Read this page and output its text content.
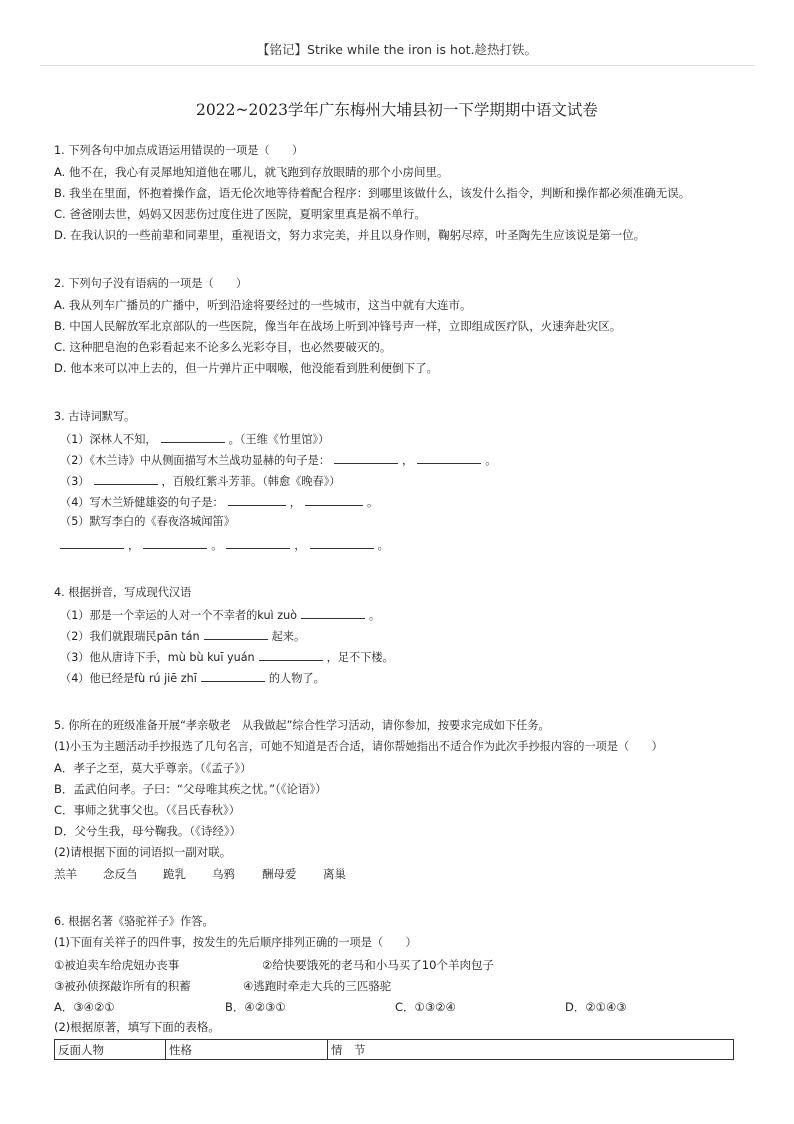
【铭记】Strike while the iron is hot.趁热打铁。
2022~2023学年广东梅州大埔县初一下学期期中语文试卷
1. 下列各句中加点成语运用错误的一项是（　　）
A. 他不在，我心有灵犀地知道他在哪儿，就飞跑到存放眼睛的那个小房间里。
B. 我坐在里面，怀抱着操作盒，语无伦次地等待着配合程序：到哪里该做什么，该发什么指令，判断和操作都必须准确无误。
C. 爸爸刚去世，妈妈又因悲伤过度住进了医院，夏明家里真是祸不单行。
D. 在我认识的一些前辈和同辈里，重视语文，努力求完美，并且以身作则，鞠躬尽瘁，叶圣陶先生应该说是第一位。
2. 下列句子没有语病的一项是（　　）
A. 我从列车广播员的广播中，听到沿途将要经过的一些城市，这当中就有大连市。
B. 中国人民解放军北京部队的一些医院，像当年在战场上听到冲锋号声一样，立即组成医疗队，火速奔赴灾区。
C. 这种肥皂泡的色彩看起来不论多么光彩夺目，也必然要破灭的。
D. 他本来可以冲上去的，但一片弹片正中咽喉，他没能看到胜利便倒下了。
3. 古诗词默写。
（1）深林人不知，	。（王维《竹里馆》）
（2）《木兰诗》中从侧面描写木兰战功显赫的句子是：	，	。
（3）	，百般红紫斗芳菲。（韩愈《晚春》）
（4）写木兰矫健雄姿的句子是：	，	。
（5）默写李白的《春夜洛城闻笛》
，	。	，	。
4. 根据拼音，写成现代汉语
（1）那是一个幸运的人对一个不幸者的kuì zuò	。
（2）我们就跟瑞民pān tán	起来。
（3）他从唐诗下手，mù bù kuī yuán	，足不下楼。
（4）他已经是fù rú jiē zhī	的人物了。
5. 你所在的班级准备开展“孝亲敬老　从我做起”综合性学习活动，请你参加，按要求完成如下任务。
(1)小玉为主题活动手抄报选了几句名言，可她不知道是否合适，请你帮她指出不适合作为此次手抄报内容的一项是（　　）
A．孝子之至，莫大乎尊亲。（《孟子》）
B．孟武伯问孝。子曰：“父母唯其疾之忧。”（《论语》）
C．事师之犹事父也。（《吕氏春秋》）
D．父兮生我，母兮鞠我。（《诗经》）
(2)请根据下面的词语拟一副对联。
羔羊 念反刍 跪乳 乌鸦 酬母爱 离巢
6. 根据名著《骆驼祥子》作答。
(1)下面有关祥子的四件事，按发生的先后顺序排列正确的一项是（　　）
①被迫卖车给虎妞办丧事	②给快要饿死的老马和小马买了10个羊肉包子
③被孙侦探敲诈所有的积蓄	④逃跑时牵走大兵的三匹骆驼
A．③④②①	B．④②③①	C．①③②④	D．②①④③
(2)根据原著，填写下面的表格。
反面人物	性格	情　节
